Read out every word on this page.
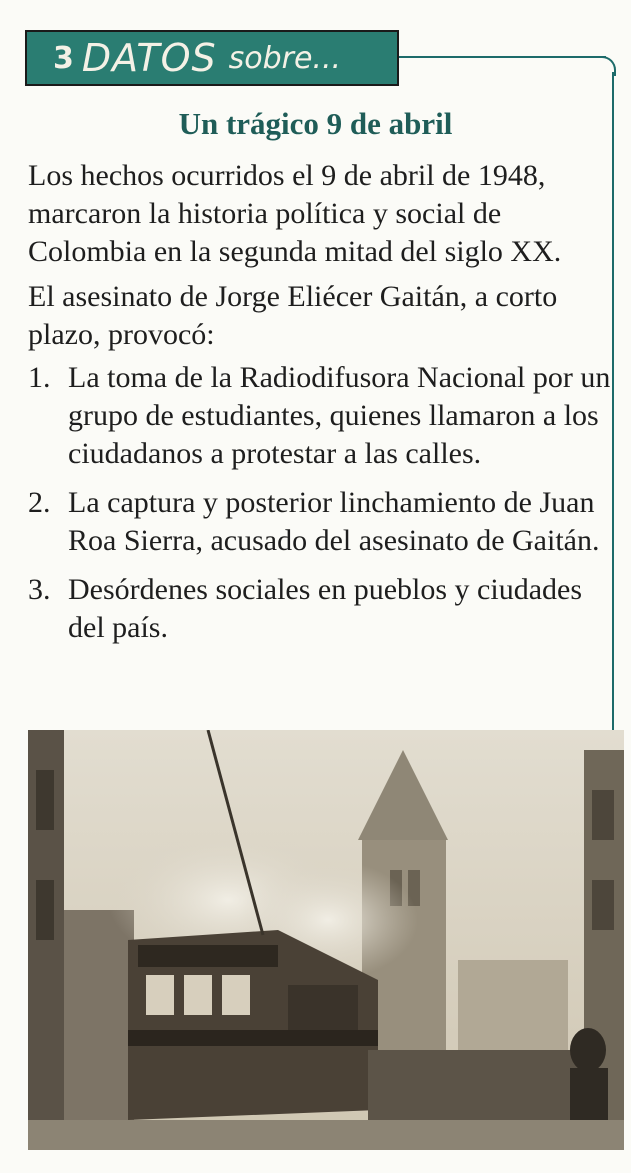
3 DATOS sobre...
Un trágico 9 de abril

Los hechos ocurridos el 9 de abril de 1948, marcaron la historia política y social de Colombia en la segunda mitad del siglo XX.

El asesinato de Jorge Eliécer Gaitán, a corto plazo, provocó:

1. La toma de la Radiodifusora Nacional por un grupo de estudiantes, quienes llamaron a los ciudadanos a protestar a las calles.
2. La captura y posterior linchamiento de Juan Roa Sierra, acusado del asesinato de Gaitán.
3. Desórdenes sociales en pueblos y ciudades del país.
